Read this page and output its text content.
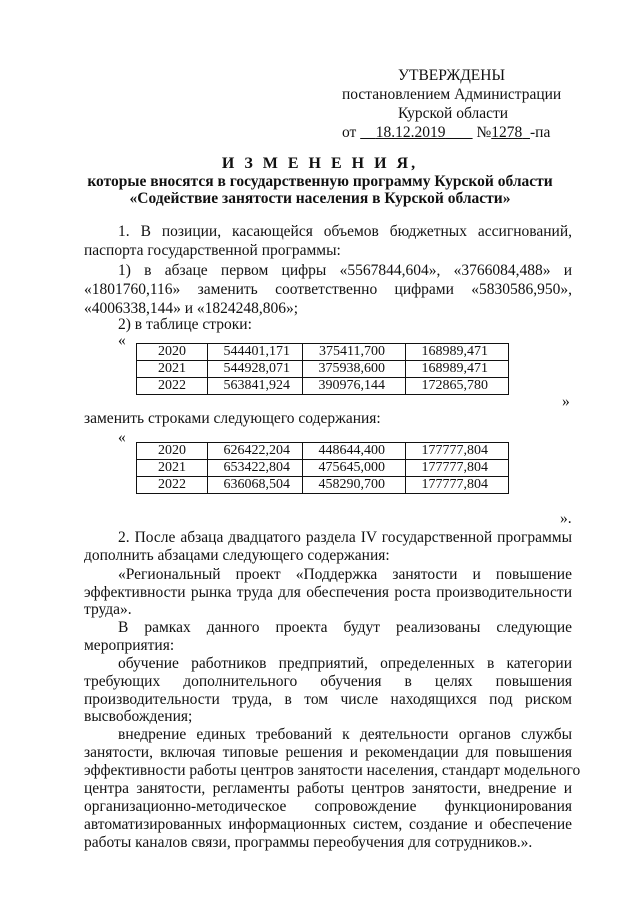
УТВЕРЖДЕНЫ
постановлением Администрации
Курской области
от 18.12.2019 №1278 -па
И З М Е Н Е Н И Я,
которые вносятся в государственную программу Курской области
«Содействие занятости населения в Курской области»
1. В позиции, касающейся объемов бюджетных ассигнований,
паспорта государственной программы:
1) в абзаце первом цифры «5567844,604», «3766084,488» и
«1801760,116» заменить соответственно цифрами «5830586,950»,
«4006338,144» и «1824248,806»;
2) в таблице строки:
«
2020	544401,171	375411,700	168989,471
2021	544928,071	375938,600	168989,471
2022	563841,924	390976,144	172865,780
»
заменить строками следующего содержания:
«
2020	626422,204	448644,400	177777,804
2021	653422,804	475645,000	177777,804
2022	636068,504	458290,700	177777,804
».
2. После абзаца двадцатого раздела IV государственной программы
дополнить абзацами следующего содержания:
«Региональный проект «Поддержка занятости и повышение
эффективности рынка труда для обеспечения роста производительности
труда».
В рамках данного проекта будут реализованы следующие
мероприятия:
обучение работников предприятий, определенных в категории
требующих дополнительного обучения в целях повышения
производительности труда, в том числе находящихся под риском
высвобождения;
внедрение единых требований к деятельности органов службы
занятости, включая типовые решения и рекомендации для повышения
эффективности работы центров занятости населения, стандарт модельного
центра занятости, регламенты работы центров занятости, внедрение и
организационно-методическое сопровождение функционирования
автоматизированных информационных систем, создание и обеспечение
работы каналов связи, программы переобучения для сотрудников.».
